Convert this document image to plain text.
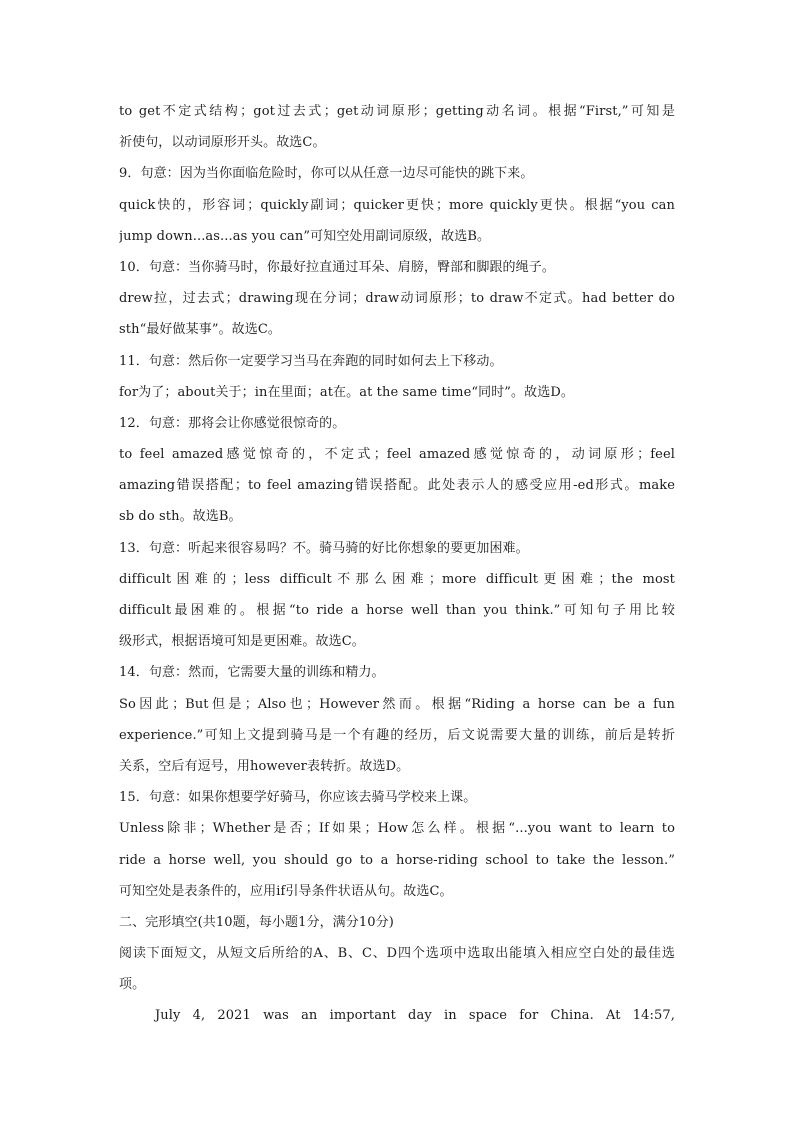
to get不定式结构；got过去式；get动词原形；getting动名词。根据“First,”可知是
祈使句，以动词原形开头。故选C。
9．句意：因为当你面临危险时，你可以从任意一边尽可能快的跳下来。
quick快的，形容词；quickly副词；quicker更快；more quickly更快。根据“you can
jump down...as...as you can”可知空处用副词原级，故选B。
10．句意：当你骑马时，你最好拉直通过耳朵、肩膀，臀部和脚跟的绳子。
drew拉，过去式；drawing现在分词；draw动词原形；to draw不定式。had better do
sth“最好做某事”。故选C。
11．句意：然后你一定要学习当马在奔跑的同时如何去上下移动。
for为了；about关于；in在里面；at在。at the same time“同时”。故选D。
12．句意：那将会让你感觉很惊奇的。
to feel amazed感觉惊奇的，不定式；feel amazed感觉惊奇的，动词原形；feel
amazing错误搭配；to feel amazing错误搭配。此处表示人的感受应用-ed形式。make
sb do sth。故选B。
13．句意：听起来很容易吗？不。骑马骑的好比你想象的要更加困难。
difficult困难的；less difficult不那么困难；more difficult更困难；the most
difficult最困难的。根据“to ride a horse well than you think.”可知句子用比较
级形式，根据语境可知是更困难。故选C。
14．句意：然而，它需要大量的训练和精力。
So因此；But但是；Also也；However然而。根据“Riding a horse can be a fun
experience.”可知上文提到骑马是一个有趣的经历，后文说需要大量的训练，前后是转折
关系，空后有逗号，用however表转折。故选D。
15．句意：如果你想要学好骑马，你应该去骑马学校来上课。
Unless除非；Whether是否；If如果；How怎么样。根据“...you want to learn to
ride a horse well, you should go to a horse-riding school to take the lesson.”
可知空处是表条件的，应用if引导条件状语从句。故选C。
二、完形填空(共10题，每小题1分，满分10分)
阅读下面短文，从短文后所给的A、B、C、D四个选项中选取出能填入相应空白处的最佳选
项。
July 4, 2021 was an important day in space for China. At 14:57,
